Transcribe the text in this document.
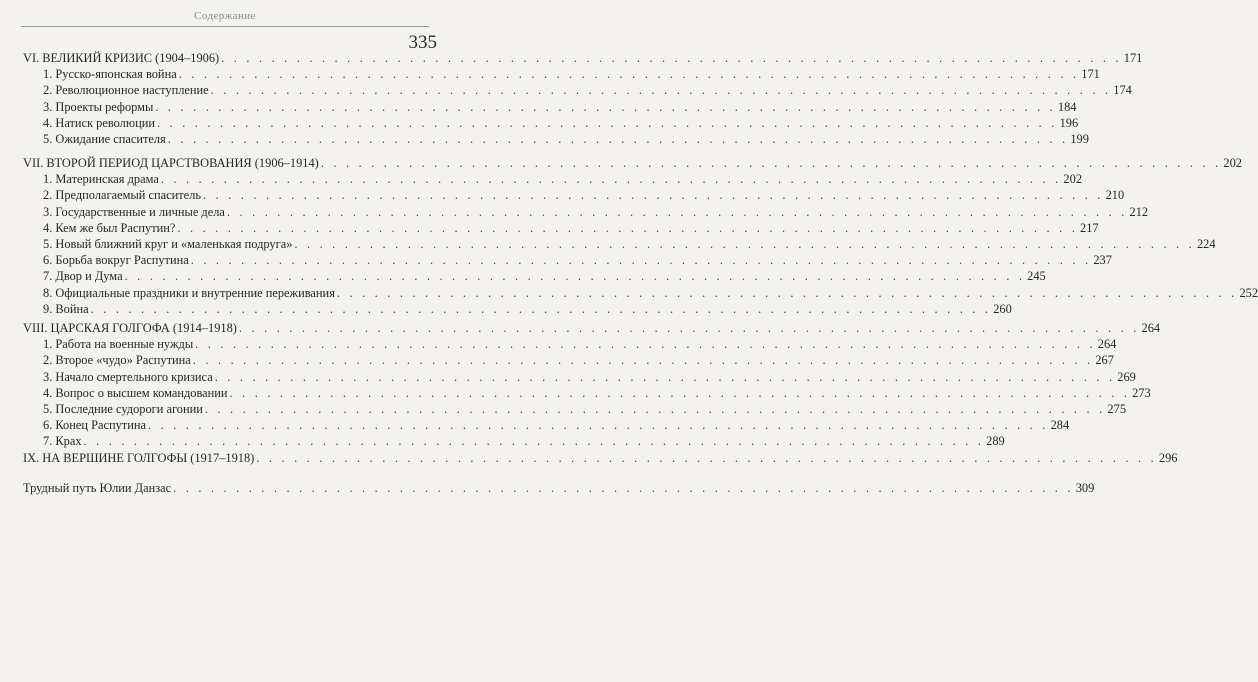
Содержание
335
VI. ВЕЛИКИЙ КРИЗИС (1904–1906) . . . . . . . . . . . . . . . . . . . . . . . . . . . . . . . . . . . . . . . . . . . . . . . . . . . . . . . . . . . . . . . . . . . . . . . . 171
1. Русско-японская война . . . . . . . . . . . . . . . . . . . . . . . . . . . . . . . . . . . . . . . . . . . . . . . . . . . . . . . . . . . . . . . . . . . . . . . . 171
2. Революционное наступление . . . . . . . . . . . . . . . . . . . . . . . . . . . . . . . . . . . . . . . . . . . . . . . . . . . . . . . . . . . . . . . . . . . . . . . . 174
3. Проекты реформы . . . . . . . . . . . . . . . . . . . . . . . . . . . . . . . . . . . . . . . . . . . . . . . . . . . . . . . . . . . . . . . . . . . . . . . . 184
4. Натиск революции . . . . . . . . . . . . . . . . . . . . . . . . . . . . . . . . . . . . . . . . . . . . . . . . . . . . . . . . . . . . . . . . . . . . . . . . 196
5. Ожидание спасителя . . . . . . . . . . . . . . . . . . . . . . . . . . . . . . . . . . . . . . . . . . . . . . . . . . . . . . . . . . . . . . . . . . . . . . . . 199
VII. ВТОРОЙ ПЕРИОД ЦАРСТВОВАНИЯ (1906–1914) . . . . . . . . . . . . . . . . . . . . . . . . . . . . . . . . . . . . . . . . . . . . . . . . . . . . . . . . . . . . . . . . . . . . . . . . 202
1. Материнская драма . . . . . . . . . . . . . . . . . . . . . . . . . . . . . . . . . . . . . . . . . . . . . . . . . . . . . . . . . . . . . . . . . . . . . . . . 202
2. Предполагаемый спаситель . . . . . . . . . . . . . . . . . . . . . . . . . . . . . . . . . . . . . . . . . . . . . . . . . . . . . . . . . . . . . . . . . . . . . . . . 210
3. Государственные и личные дела . . . . . . . . . . . . . . . . . . . . . . . . . . . . . . . . . . . . . . . . . . . . . . . . . . . . . . . . . . . . . . . . . . . . . . . . 212
4. Кем же был Распутин? . . . . . . . . . . . . . . . . . . . . . . . . . . . . . . . . . . . . . . . . . . . . . . . . . . . . . . . . . . . . . . . . . . . . . . . . 217
5. Новый ближний круг и «маленькая подруга» . . . . . . . . . . . . . . . . . . . . . . . . . . . . . . . . . . . . . . . . . . . . . . . . . . . . . . . . . . . . . . . . . . . . . . . . 224
6. Борьба вокруг Распутина . . . . . . . . . . . . . . . . . . . . . . . . . . . . . . . . . . . . . . . . . . . . . . . . . . . . . . . . . . . . . . . . . . . . . . . . 237
7. Двор и Дума . . . . . . . . . . . . . . . . . . . . . . . . . . . . . . . . . . . . . . . . . . . . . . . . . . . . . . . . . . . . . . . . . . . . . . . . 245
8. Официальные праздники и внутренние переживания . . . . . . . . . . . . . . . . . . . . . . . . . . . . . . . . . . . . . . . . . . . . . . . . . . . . . . . . . . . . . . . . . . . . . . . . 252
9. Война . . . . . . . . . . . . . . . . . . . . . . . . . . . . . . . . . . . . . . . . . . . . . . . . . . . . . . . . . . . . . . . . . . . . . . . . 260
VIII. ЦАРСКАЯ ГОЛГОФА (1914–1918) . . . . . . . . . . . . . . . . . . . . . . . . . . . . . . . . . . . . . . . . . . . . . . . . . . . . . . . . . . . . . . . . . . . . . . . . 264
1. Работа на военные нужды . . . . . . . . . . . . . . . . . . . . . . . . . . . . . . . . . . . . . . . . . . . . . . . . . . . . . . . . . . . . . . . . . . . . . . . . 264
2. Второе «чудо» Распутина . . . . . . . . . . . . . . . . . . . . . . . . . . . . . . . . . . . . . . . . . . . . . . . . . . . . . . . . . . . . . . . . . . . . . . . . 267
3. Начало смертельного кризиса . . . . . . . . . . . . . . . . . . . . . . . . . . . . . . . . . . . . . . . . . . . . . . . . . . . . . . . . . . . . . . . . . . . . . . . . 269
4. Вопрос о высшем командовании . . . . . . . . . . . . . . . . . . . . . . . . . . . . . . . . . . . . . . . . . . . . . . . . . . . . . . . . . . . . . . . . . . . . . . . . 273
5. Последние судороги агонии . . . . . . . . . . . . . . . . . . . . . . . . . . . . . . . . . . . . . . . . . . . . . . . . . . . . . . . . . . . . . . . . . . . . . . . . 275
6. Конец Распутина . . . . . . . . . . . . . . . . . . . . . . . . . . . . . . . . . . . . . . . . . . . . . . . . . . . . . . . . . . . . . . . . . . . . . . . . 284
7. Крах . . . . . . . . . . . . . . . . . . . . . . . . . . . . . . . . . . . . . . . . . . . . . . . . . . . . . . . . . . . . . . . . . . . . . . . . 289
IX. НА ВЕРШИНЕ ГОЛГОФЫ (1917–1918) . . . . . . . . . . . . . . . . . . . . . . . . . . . . . . . . . . . . . . . . . . . . . . . . . . . . . . . . . . . . . . . . . . . . . . . . 296
Трудный путь Юлии Данзас . . . . . . . . . . . . . . . . . . . . . . . . . . . . . . . . . . . . . . . . . . . . . . . . . . . . . . . . . . . . . . . . . . . . . . . . 309
